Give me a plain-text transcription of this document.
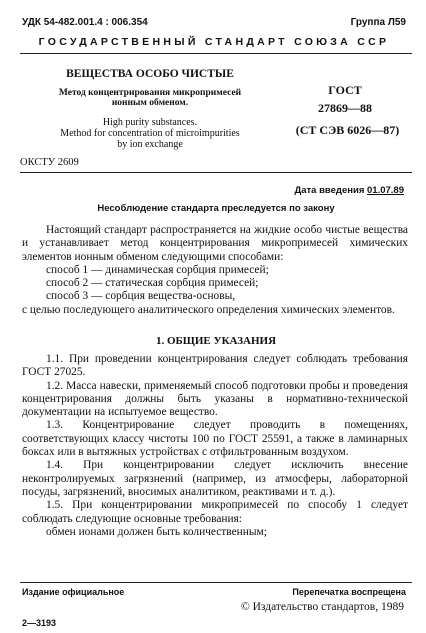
УДК 54-482.001.4 : 006.354	Группа Л59
ГОСУДАРСТВЕННЫЙ СТАНДАРТ СОЮЗА ССР
ВЕЩЕСТВА ОСОБО ЧИСТЫЕ
Метод концентрирования микропримесей
ионным обменом.
High purity substances.
Method for concentration of microimpurities
by ion exchange
ГОСТ
27869—88
(СТ СЭВ 6026—87)
ОКСТУ 2609
Дата введения 01.07.89
Несоблюдение стандарта преследуется по закону

Настоящий стандарт распространяется на жидкие особо чистые вещества и устанавливает метод концентрирования микропримесей химических элементов ионным обменом следующими способами:

способ 1 — динамическая сорбция примесей;

способ 2 — статическая сорбция примесей;

способ 3 — сорбция вещества-основы,

с целью последующего аналитического определения химических элементов.

1. ОБЩИЕ УКАЗАНИЯ

1.1. При проведении концентрирования следует соблюдать требования ГОСТ 27025.

1.2. Масса навески, применяемый способ подготовки пробы и проведения концентрирования должны быть указаны в нормативно-технической документации на испытуемое вещество.

1.3. Концентрирование следует проводить в помещениях, соответствующих классу чистоты 100 по ГОСТ 25591, а также в ламинарных боксах или в вытяжных устройствах с отфильтрованным воздухом.

1.4. При концентрировании следует исключить внесение неконтролируемых загрязнений (например, из атмосферы, лабораторной посуды, загрязнений, вносимых аналитиком, реактивами и т. д.).

1.5. При концентрировании микропримесей по способу 1 следует соблюдать следующие основные требования:

обмен ионами должен быть количественным;

Издание официальное	Перепечатка воспрещена
© Издательство стандартов, 1989
2—3193
